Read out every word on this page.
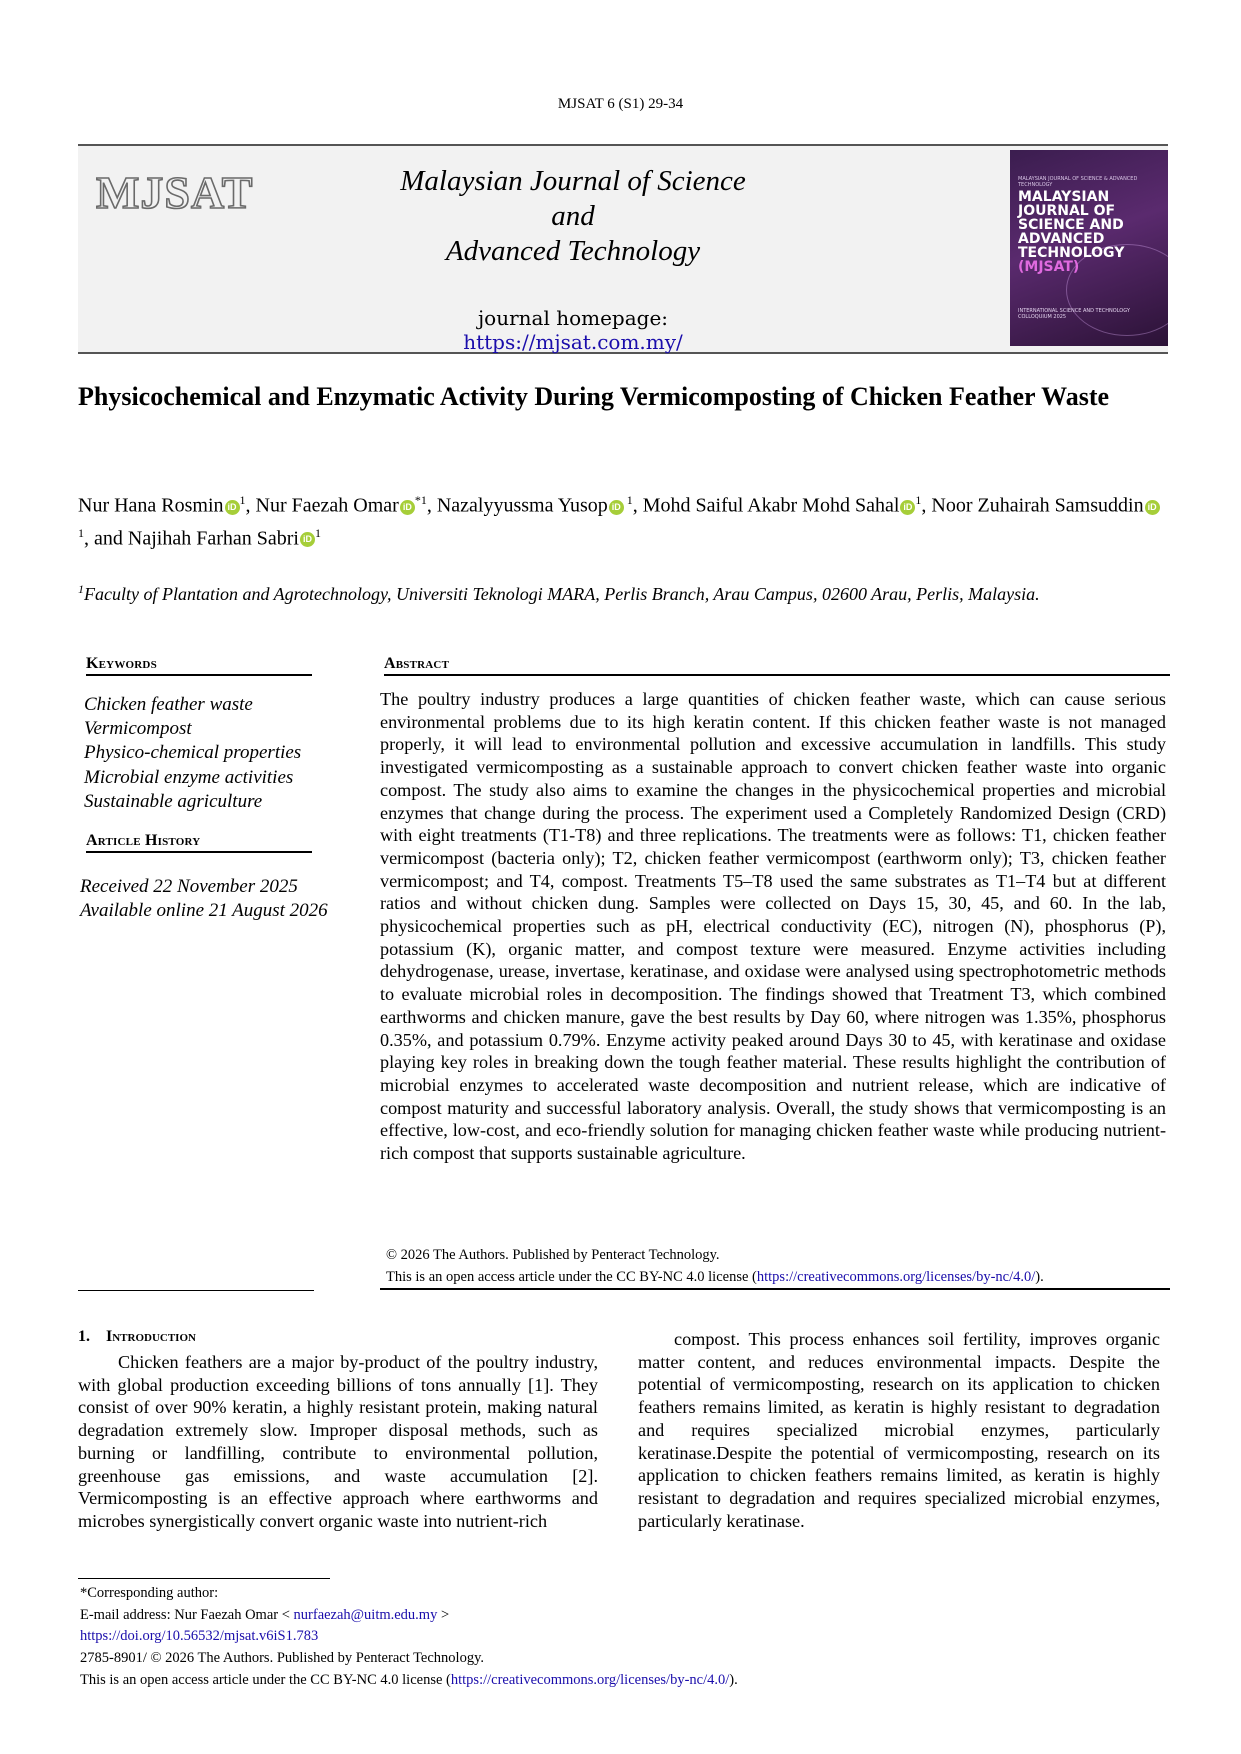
MJSAT 6 (S1) 29-34
MJSAT	Malaysian Journal of Science
and
Advanced Technology
journal homepage: https://mjsat.com.my/
MALAYSIAN JOURNAL OF SCIENCE & ADVANCED TECHNOLOGY
MALAYSIAN JOURNAL OF SCIENCE AND ADVANCED TECHNOLOGY (MJSAT)
INTERNATIONAL SCIENCE AND TECHNOLOGY COLLOQUIUM 2025
Physicochemical and Enzymatic Activity During Vermicomposting of Chicken Feather Waste
Nur Hana Rosmin iD $^1$, Nur Faezah Omar iD $^{*1}$, Nazalyyussma Yusop iD $^1$, Mohd Saiful Akabr Mohd Sahal iD $^1$, Noor Zuhairah Samsuddin $iD^1$, and Najihah Farhan Sabri iD $^1$
$^1$Faculty of Plantation and Agrotechnology, Universiti Teknologi MARA, Perlis Branch, Arau Campus, 02600 Arau, Perlis, Malaysia.
Keywords
Chicken feather waste
Vermicompost
Physico-chemical properties
Microbial enzyme activities
Sustainable agriculture
Article History
Received 22 November 2025
Available online 21 August 2026
Abstract
The poultry industry produces a large quantities of chicken feather waste, which can cause serious environmental problems due to its high keratin content. If this chicken feather waste is not managed properly, it will lead to environmental pollution and excessive accumulation in landfills. This study investigated vermicomposting as a sustainable approach to convert chicken feather waste into organic compost. The study also aims to examine the changes in the physicochemical properties and microbial enzymes that change during the process. The experiment used a Completely Randomized Design (CRD) with eight treatments (T1-T8) and three replications. The treatments were as follows: T1, chicken feather vermicompost (bacteria only); T2, chicken feather vermicompost (earthworm only); T3, chicken feather vermicompost; and T4, compost. Treatments T5–T8 used the same substrates as T1–T4 but at different ratios and without chicken dung. Samples were collected on Days 15, 30, 45, and 60. In the lab, physicochemical properties such as pH, electrical conductivity (EC), nitrogen (N), phosphorus (P), potassium (K), organic matter, and compost texture were measured. Enzyme activities including dehydrogenase, urease, invertase, keratinase, and oxidase were analysed using spectrophotometric methods to evaluate microbial roles in decomposition. The findings showed that Treatment T3, which combined earthworms and chicken manure, gave the best results by Day 60, where nitrogen was 1.35%, phosphorus 0.35%, and potassium 0.79%. Enzyme activity peaked around Days 30 to 45, with keratinase and oxidase playing key roles in breaking down the tough feather material. These results highlight the contribution of microbial enzymes to accelerated waste decomposition and nutrient release, which are indicative of compost maturity and successful laboratory analysis. Overall, the study shows that vermicomposting is an effective, low-cost, and eco-friendly solution for managing chicken feather waste while producing nutrient-rich compost that supports sustainable agriculture.
© 2026 The Authors. Published by Penteract Technology.
This is an open access article under the CC BY-NC 4.0 license (https://creativecommons.org/licenses/by-nc/4.0/).
1. Introduction
Chicken feathers are a major by-product of the poultry industry, with global production exceeding billions of tons annually [1]. They consist of over 90% keratin, a highly resistant protein, making natural degradation extremely slow. Improper disposal methods, such as burning or landfilling, contribute to environmental pollution, greenhouse gas emissions, and waste accumulation [2]. Vermicomposting is an effective approach where earthworms and microbes synergistically convert organic waste into nutrient-rich
compost. This process enhances soil fertility, improves organic matter content, and reduces environmental impacts. Despite the potential of vermicomposting, research on its application to chicken feathers remains limited, as keratin is highly resistant to degradation and requires specialized microbial enzymes, particularly keratinase.Despite the potential of vermicomposting, research on its application to chicken feathers remains limited, as keratin is highly resistant to degradation and requires specialized microbial enzymes, particularly keratinase.
*Corresponding author:
E-mail address: Nur Faezah Omar < nurfaezah@uitm.edu.my >
https://doi.org/10.56532/mjsat.v6iS1.783
2785-8901/ © 2026 The Authors. Published by Penteract Technology.
This is an open access article under the CC BY-NC 4.0 license (https://creativecommons.org/licenses/by-nc/4.0/).
